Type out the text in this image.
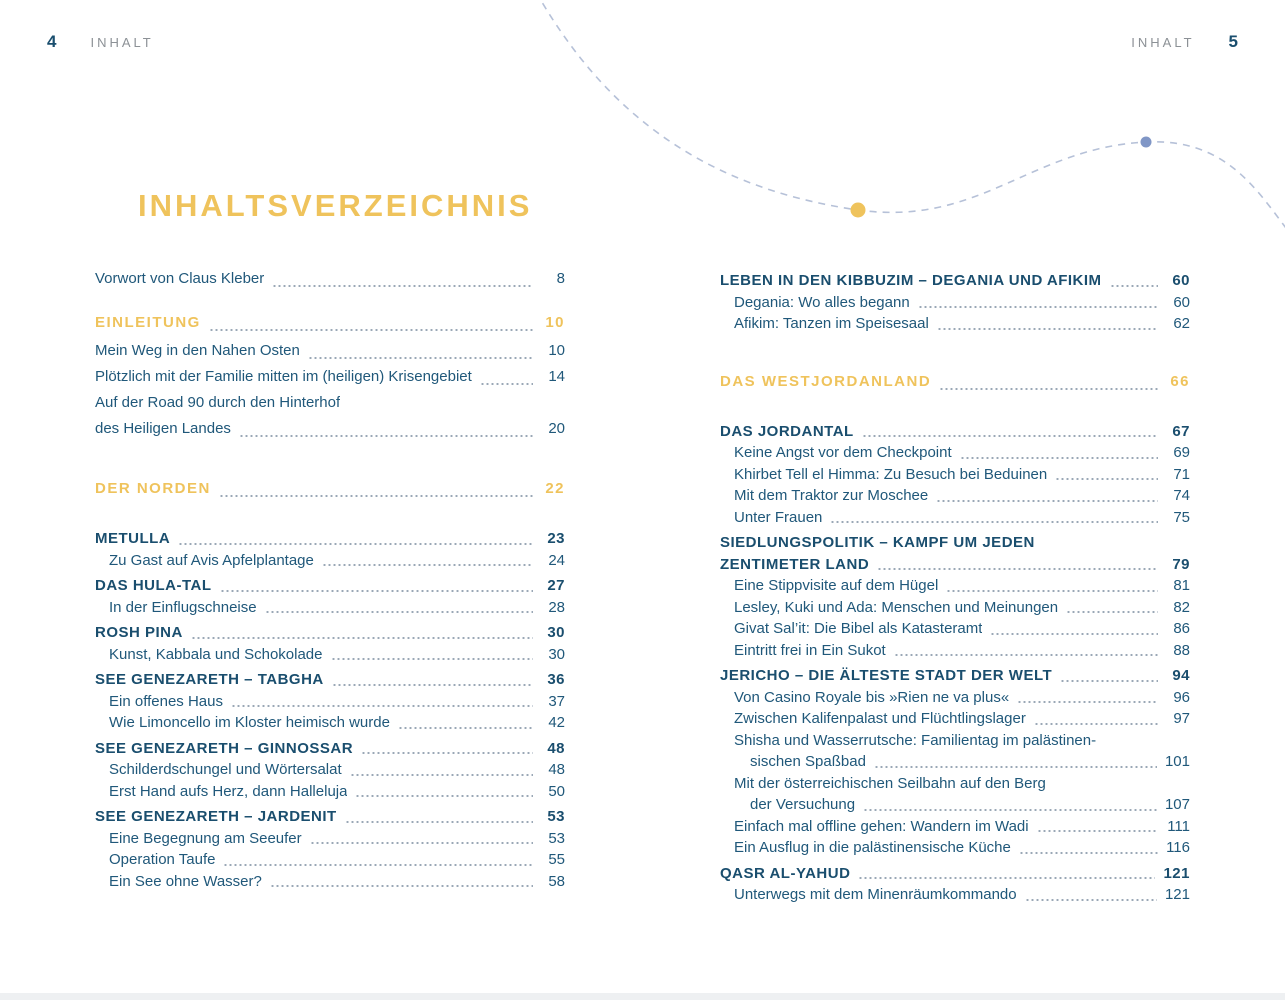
4	INHALT	INHALT 5
INHALTSVERZEICHNIS
Vorwort von Claus Kleber	8
EINLEITUNG	10
Mein Weg in den Nahen Osten	10
Plötzlich mit der Familie mitten im (heiligen) Krisengebiet	14
Auf der Road 90 durch den Hinterhof
des Heiligen Landes	20
DER NORDEN	22
METULLA	23
Zu Gast auf Avis Apfelplantage	24
DAS HULA-TAL	27
In der Einflugschneise	28
ROSH PINA	30
Kunst, Kabbala und Schokolade	30
SEE GENEZARETH – TABGHA	36
Ein offenes Haus	37
Wie Limoncello im Kloster heimisch wurde	42
SEE GENEZARETH – GINNOSSAR	48
Schilderdschungel und Wörtersalat	48
Erst Hand aufs Herz, dann Halleluja	50
SEE GENEZARETH – JARDENIT	53
Eine Begegnung am Seeufer	53
Operation Taufe	55
Ein See ohne Wasser?	58
LEBEN IN DEN KIBBUZIM – DEGANIA UND AFIKIM	60
Degania: Wo alles begann	60
Afikim: Tanzen im Speisesaal	62
DAS WESTJORDANLAND	66
DAS JORDANTAL	67
Keine Angst vor dem Checkpoint	69
Khirbet Tell el Himma: Zu Besuch bei Beduinen	71
Mit dem Traktor zur Moschee	74
Unter Frauen	75
SIEDLUNGSPOLITIK – KAMPF UM JEDEN
ZENTIMETER LAND	79
Eine Stippvisite auf dem Hügel	81
Lesley, Kuki und Ada: Menschen und Meinungen	82
Givat Sal’it: Die Bibel als Katasteramt	86
Eintritt frei in Ein Sukot	88
JERICHO – DIE ÄLTESTE STADT DER WELT	94
Von Casino Royale bis »Rien ne va plus«	96
Zwischen Kalifenpalast und Flüchtlingslager	97
Shisha und Wasserrutsche: Familientag im palästinen-
sischen Spaßbad	101
Mit der österreichischen Seilbahn auf den Berg
der Versuchung	107
Einfach mal offline gehen: Wandern im Wadi	111
Ein Ausflug in die palästinensische Küche	116
QASR AL-YAHUD	121
Unterwegs mit dem Minenräumkommando	121
